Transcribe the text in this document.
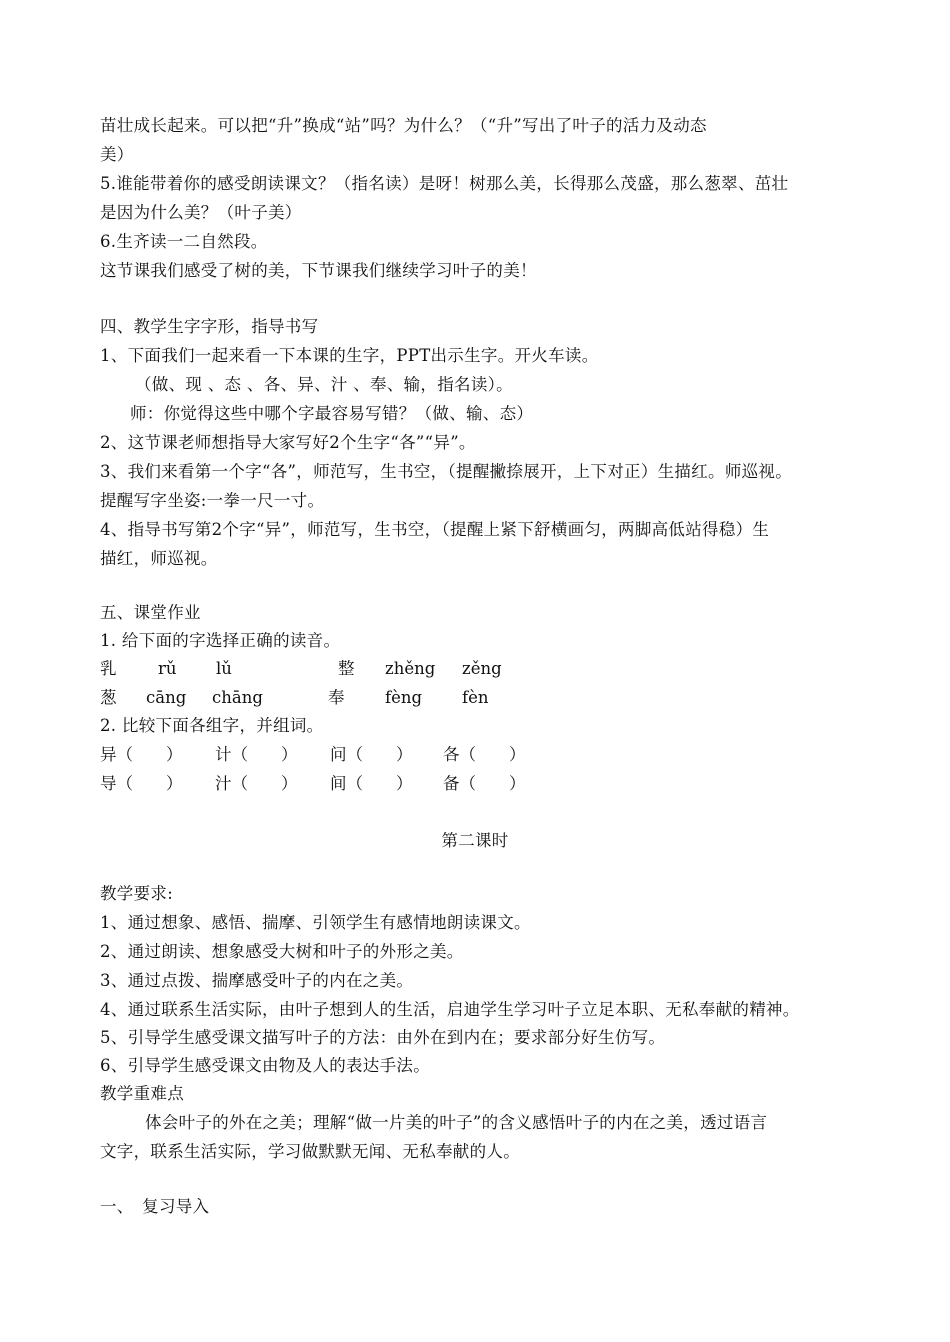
苗壮成长起来。可以把“升”换成“站”吗？为什么？（“升”写出了叶子的活力及动态
美）
5.谁能带着你的感受朗读课文？（指名读）是呀！树那么美，长得那么茂盛，那么葱翠、茁壮
是因为什么美？（叶子美）
6.生齐读一二自然段。
这节课我们感受了树的美，下节课我们继续学习叶子的美！
四、教学生字字形，指导书写
1、下面我们一起来看一下本课的生字，PPT出示生字。开火车读。
（做、现 、态 、各、异、汁 、奉、输，指名读）。
师：你觉得这些中哪个字最容易写错？（做、输、态）
2、这节课老师想指导大家写好2个生字“各”“异”。
3、我们来看第一个字“各”，师范写，生书空，（提醒撇捺展开，上下对正）生描红。师巡视。
提醒写字坐姿:一拳一尺一寸。
4、指导书写第2个字“异”，师范写，生书空，（提醒上紧下舒横画匀，两脚高低站得稳）生
描红，师巡视。
五、课堂作业
1. 给下面的字选择正确的读音。
乳	rǔ lǔ	整 zhěng zěng
葱 cāng chāng	奉 fèng fèn
2. 比较下面各组字，并组词。
异（　　） 计（　　） 问（　　） 各（　　）
导（　　） 汁（　　） 间（　　） 备（　　）
第二课时
教学要求:
1、通过想象、感悟、揣摩、引领学生有感情地朗读课文。
2、通过朗读、想象感受大树和叶子的外形之美。
3、通过点拨、揣摩感受叶子的内在之美。
4、通过联系生活实际，由叶子想到人的生活，启迪学生学习叶子立足本职、无私奉献的精神。
5、引导学生感受课文描写叶子的方法：由外在到内在；要求部分好生仿写。
6、引导学生感受课文由物及人的表达手法。
教学重难点
体会叶子的外在之美；理解“做一片美的叶子”的含义感悟叶子的内在之美，透过语言
文字，联系生活实际，学习做默默无闻、无私奉献的人。
一、　复习导入
